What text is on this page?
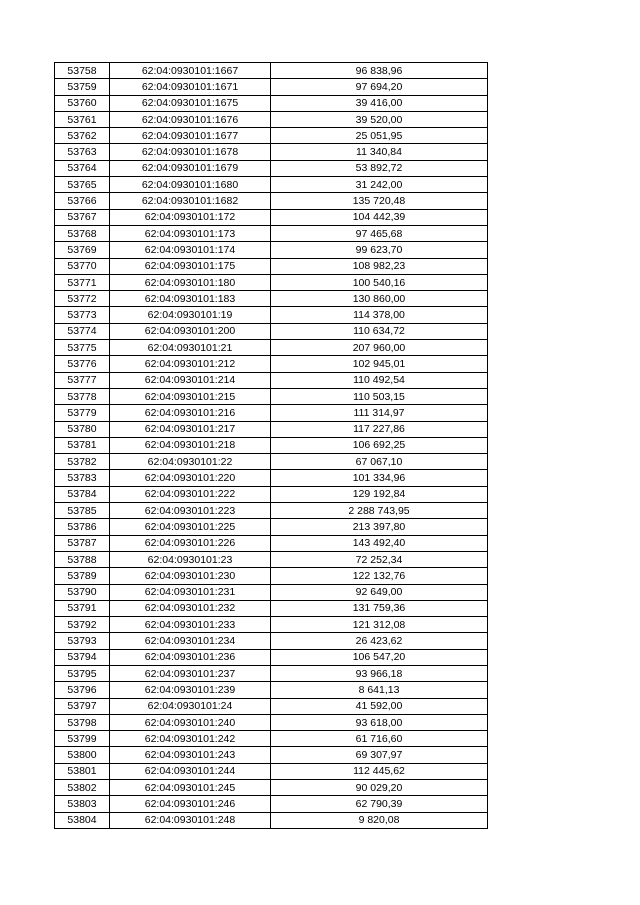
53758	62:04:0930101:1667	96 838,96
53759	62:04:0930101:1671	97 694,20
53760	62:04:0930101:1675	39 416,00
53761	62:04:0930101:1676	39 520,00
53762	62:04:0930101:1677	25 051,95
53763	62:04:0930101:1678	11 340,84
53764	62:04:0930101:1679	53 892,72
53765	62:04:0930101:1680	31 242,00
53766	62:04:0930101:1682	135 720,48
53767	62:04:0930101:172	104 442,39
53768	62:04:0930101:173	97 465,68
53769	62:04:0930101:174	99 623,70
53770	62:04:0930101:175	108 982,23
53771	62:04:0930101:180	100 540,16
53772	62:04:0930101:183	130 860,00
53773	62:04:0930101:19	114 378,00
53774	62:04:0930101:200	110 634,72
53775	62:04:0930101:21	207 960,00
53776	62:04:0930101:212	102 945,01
53777	62:04:0930101:214	110 492,54
53778	62:04:0930101:215	110 503,15
53779	62:04:0930101:216	111 314,97
53780	62:04:0930101:217	117 227,86
53781	62:04:0930101:218	106 692,25
53782	62:04:0930101:22	67 067,10
53783	62:04:0930101:220	101 334,96
53784	62:04:0930101:222	129 192,84
53785	62:04:0930101:223	2 288 743,95
53786	62:04:0930101:225	213 397,80
53787	62:04:0930101:226	143 492,40
53788	62:04:0930101:23	72 252,34
53789	62:04:0930101:230	122 132,76
53790	62:04:0930101:231	92 649,00
53791	62:04:0930101:232	131 759,36
53792	62:04:0930101:233	121 312,08
53793	62:04:0930101:234	26 423,62
53794	62:04:0930101:236	106 547,20
53795	62:04:0930101:237	93 966,18
53796	62:04:0930101:239	8 641,13
53797	62:04:0930101:24	41 592,00
53798	62:04:0930101:240	93 618,00
53799	62:04:0930101:242	61 716,60
53800	62:04:0930101:243	69 307,97
53801	62:04:0930101:244	112 445,62
53802	62:04:0930101:245	90 029,20
53803	62:04:0930101:246	62 790,39
53804	62:04:0930101:248	9 820,08
